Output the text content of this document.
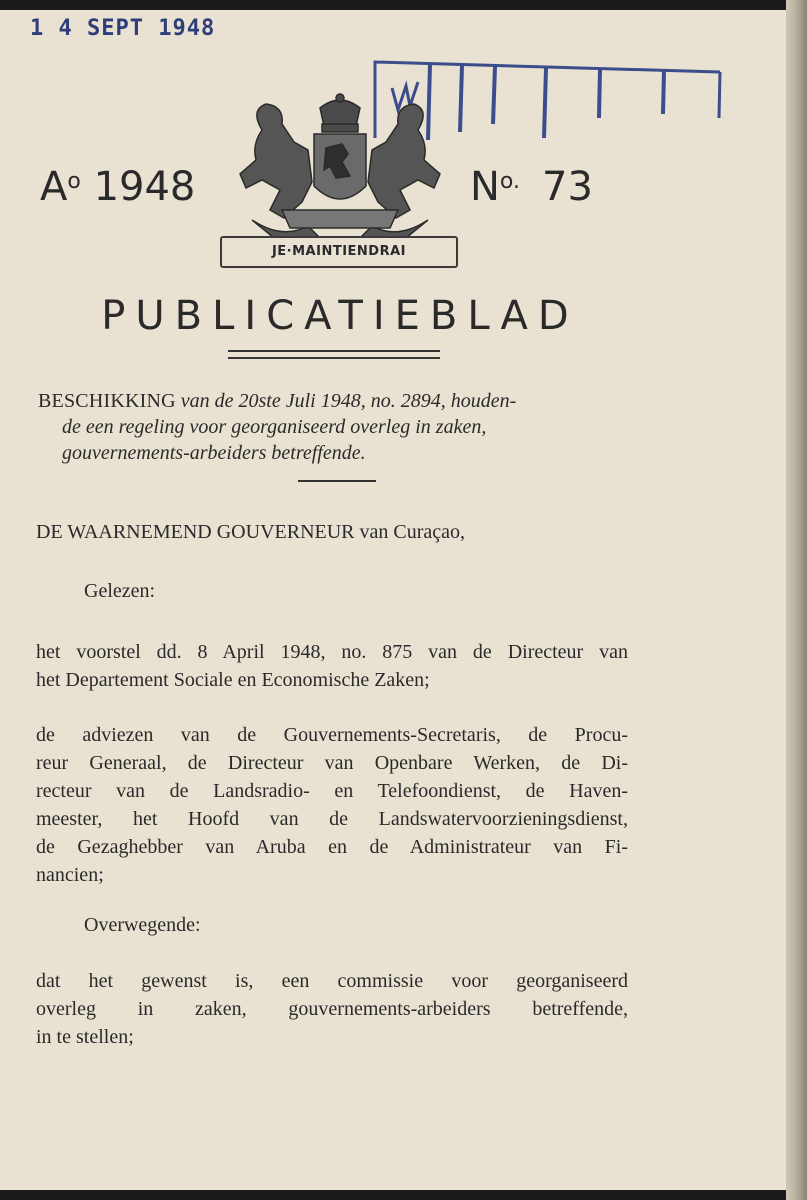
1 4 SEPT 1948
$A^o$ 1948	$N^{o.}$ 73
JE·MAINTIENDRAI
PUBLICATIEBLAD
BESCHIKKING van de 20ste Juli 1948, no. 2894, houden-
de een regeling voor georganiseerd overleg in zaken,
gouvernements-arbeiders betreffende.
DE WAARNEMEND GOUVERNEUR van Curaçao,
Gelezen:
het voorstel dd. 8 April 1948, no. 875 van de Directeur van
het Departement Sociale en Economische Zaken;
de adviezen van de Gouvernements-Secretaris, de Procu-
reur Generaal, de Directeur van Openbare Werken, de Di-
recteur van de Landsradio- en Telefoondienst, de Haven-
meester, het Hoofd van de Landswatervoorzieningsdienst,
de Gezaghebber van Aruba en de Administrateur van Fi-
nancien;
Overwegende:
dat het gewenst is, een commissie voor georganiseerd
overleg in zaken, gouvernements-arbeiders betreffende,
in te stellen;
